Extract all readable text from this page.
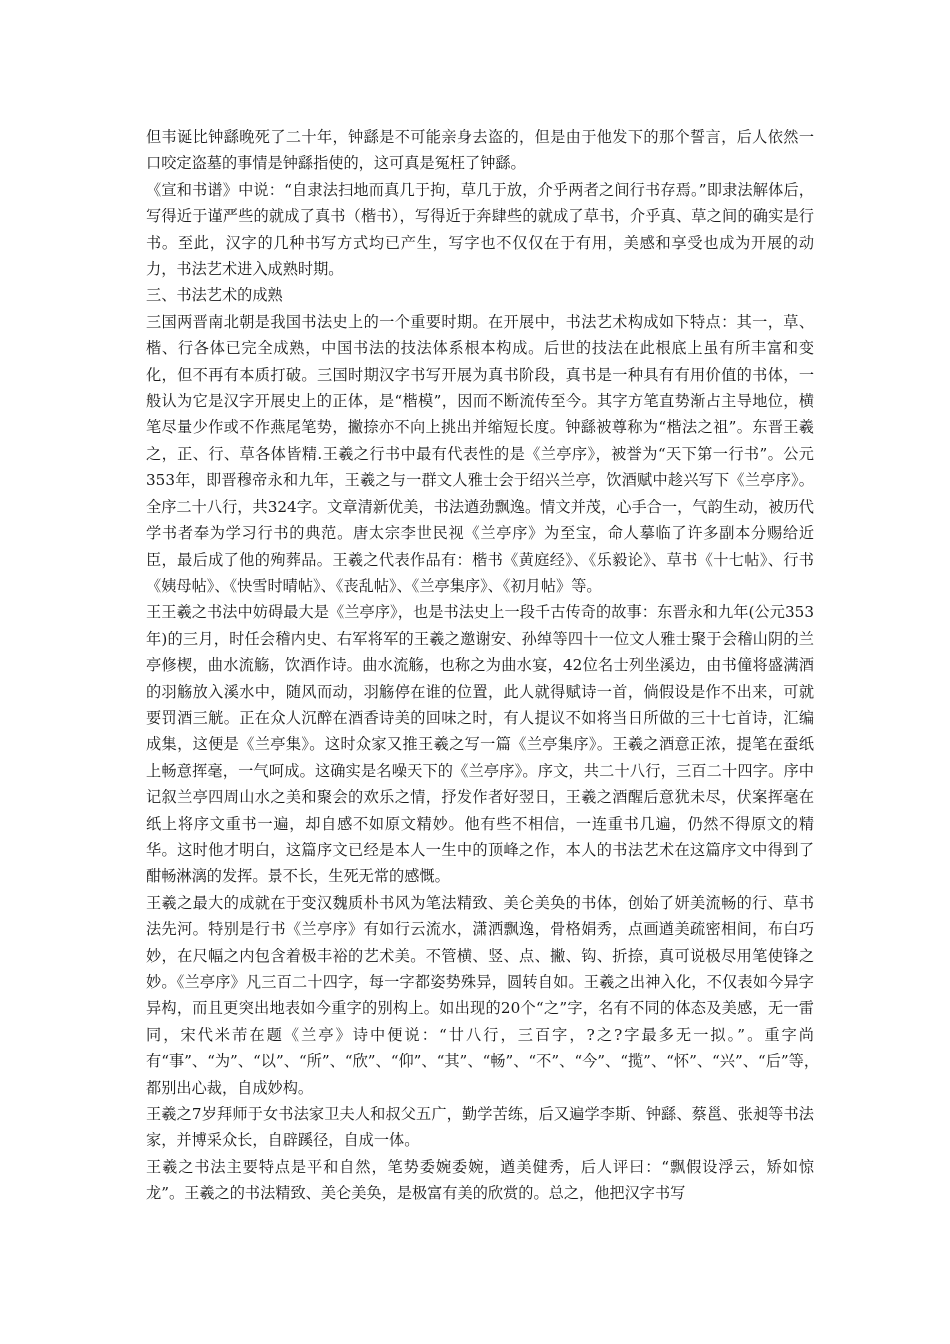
但韦诞比钟繇晚死了二十年，钟繇是不可能亲身去盗的，但是由于他发下的那个誓言，后人依然一口咬定盗墓的事情是钟繇指使的，这可真是冤枉了钟繇。

《宣和书谱》中说：“自隶法扫地而真几于拘，草几于放，介乎两者之间行书存焉。”即隶法解体后，写得近于谨严些的就成了真书（楷书），写得近于奔肆些的就成了草书，介乎真、草之间的确实是行书。至此，汉字的几种书写方式均已产生，写字也不仅仅在于有用，美感和享受也成为开展的动力，书法艺术进入成熟时期。

三、书法艺术的成熟

三国两晋南北朝是我国书法史上的一个重要时期。在开展中，书法艺术构成如下特点：其一，草、楷、行各体已完全成熟，中国书法的技法体系根本构成。后世的技法在此根底上虽有所丰富和变化，但不再有本质打破。三国时期汉字书写开展为真书阶段，真书是一种具有有用价值的书体，一般认为它是汉字开展史上的正体，是“楷模”，因而不断流传至今。其字方笔直势渐占主导地位，横笔尽量少作或不作燕尾笔势，撇捺亦不向上挑出并缩短长度。钟繇被尊称为“楷法之祖”。东晋王羲之，正、行、草各体皆精.王羲之行书中最有代表性的是《兰亭序》，被誉为“天下第一行书”。公元353年，即晋穆帝永和九年，王羲之与一群文人雅士会于绍兴兰亭，饮酒赋中趁兴写下《兰亭序》。全序二十八行，共324字。文章清新优美，书法遒劲飘逸。情文并茂，心手合一，气韵生动，被历代学书者奉为学习行书的典范。唐太宗李世民视《兰亭序》为至宝，命人摹临了许多副本分赐给近臣，最后成了他的殉葬品。王羲之代表作品有：楷书《黄庭经》、《乐毅论》、草书《十七帖》、行书《姨母帖》、《快雪时晴帖》、《丧乱帖》、《兰亭集序》、《初月帖》等。

王王羲之书法中妨碍最大是《兰亭序》，也是书法史上一段千古传奇的故事：东晋永和九年(公元353年)的三月，时任会稽内史、右军将军的王羲之邀谢安、孙绰等四十一位文人雅士聚于会稽山阴的兰亭修楔，曲水流觞，饮酒作诗。曲水流觞，也称之为曲水宴，42位名士列坐溪边，由书僮将盛满酒的羽觞放入溪水中，随风而动，羽觞停在谁的位置，此人就得赋诗一首，倘假设是作不出来，可就要罚酒三觥。正在众人沉醉在酒香诗美的回味之时，有人提议不如将当日所做的三十七首诗，汇编成集，这便是《兰亭集》。这时众家又推王羲之写一篇《兰亭集序》。王羲之酒意正浓，提笔在蚕纸上畅意挥毫，一气呵成。这确实是名噪天下的《兰亭序》。序文，共二十八行，三百二十四字。序中记叙兰亭四周山水之美和聚会的欢乐之情，抒发作者好翌日，王羲之酒醒后意犹未尽，伏案挥毫在纸上将序文重书一遍，却自感不如原文精妙。他有些不相信，一连重书几遍，仍然不得原文的精华。这时他才明白，这篇序文已经是本人一生中的顶峰之作，本人的书法艺术在这篇序文中得到了酣畅淋漓的发挥。景不长，生死无常的感慨。

王羲之最大的成就在于变汉魏质朴书风为笔法精致、美仑美奂的书体，创始了妍美流畅的行、草书法先河。特别是行书《兰亭序》有如行云流水，潇洒飘逸，骨格娟秀，点画遒美疏密相间，布白巧妙，在尺幅之内包含着极丰裕的艺术美。不管横、竖、点、撇、钩、折捺，真可说极尽用笔使锋之妙。《兰亭序》凡三百二十四字，每一字都姿势殊异，圆转自如。王羲之出神入化，不仅表如今异字异构，而且更突出地表如今重字的别构上。如出现的20个“之”字，名有不同的体态及美感，无一雷同，宋代米芾在题《兰亭》诗中便说：“廿八行，三百字，?之?字最多无一拟。”。重字尚有“事”、“为”、“以”、“所”、“欣”、“仰”、“其”、“畅”、“不”、“今”、“揽”、“怀”、“兴”、“后”等，都别出心裁，自成妙构。

王羲之7岁拜师于女书法家卫夫人和叔父五广，勤学苦练，后又遍学李斯、钟繇、蔡邕、张昶等书法家，并博采众长，自辟蹊径，自成一体。

王羲之书法主要特点是平和自然，笔势委婉委婉，遒美健秀，后人评曰：“飘假设浮云，矫如惊龙”。王羲之的书法精致、美仑美奂，是极富有美的欣赏的。总之，他把汉字书写
